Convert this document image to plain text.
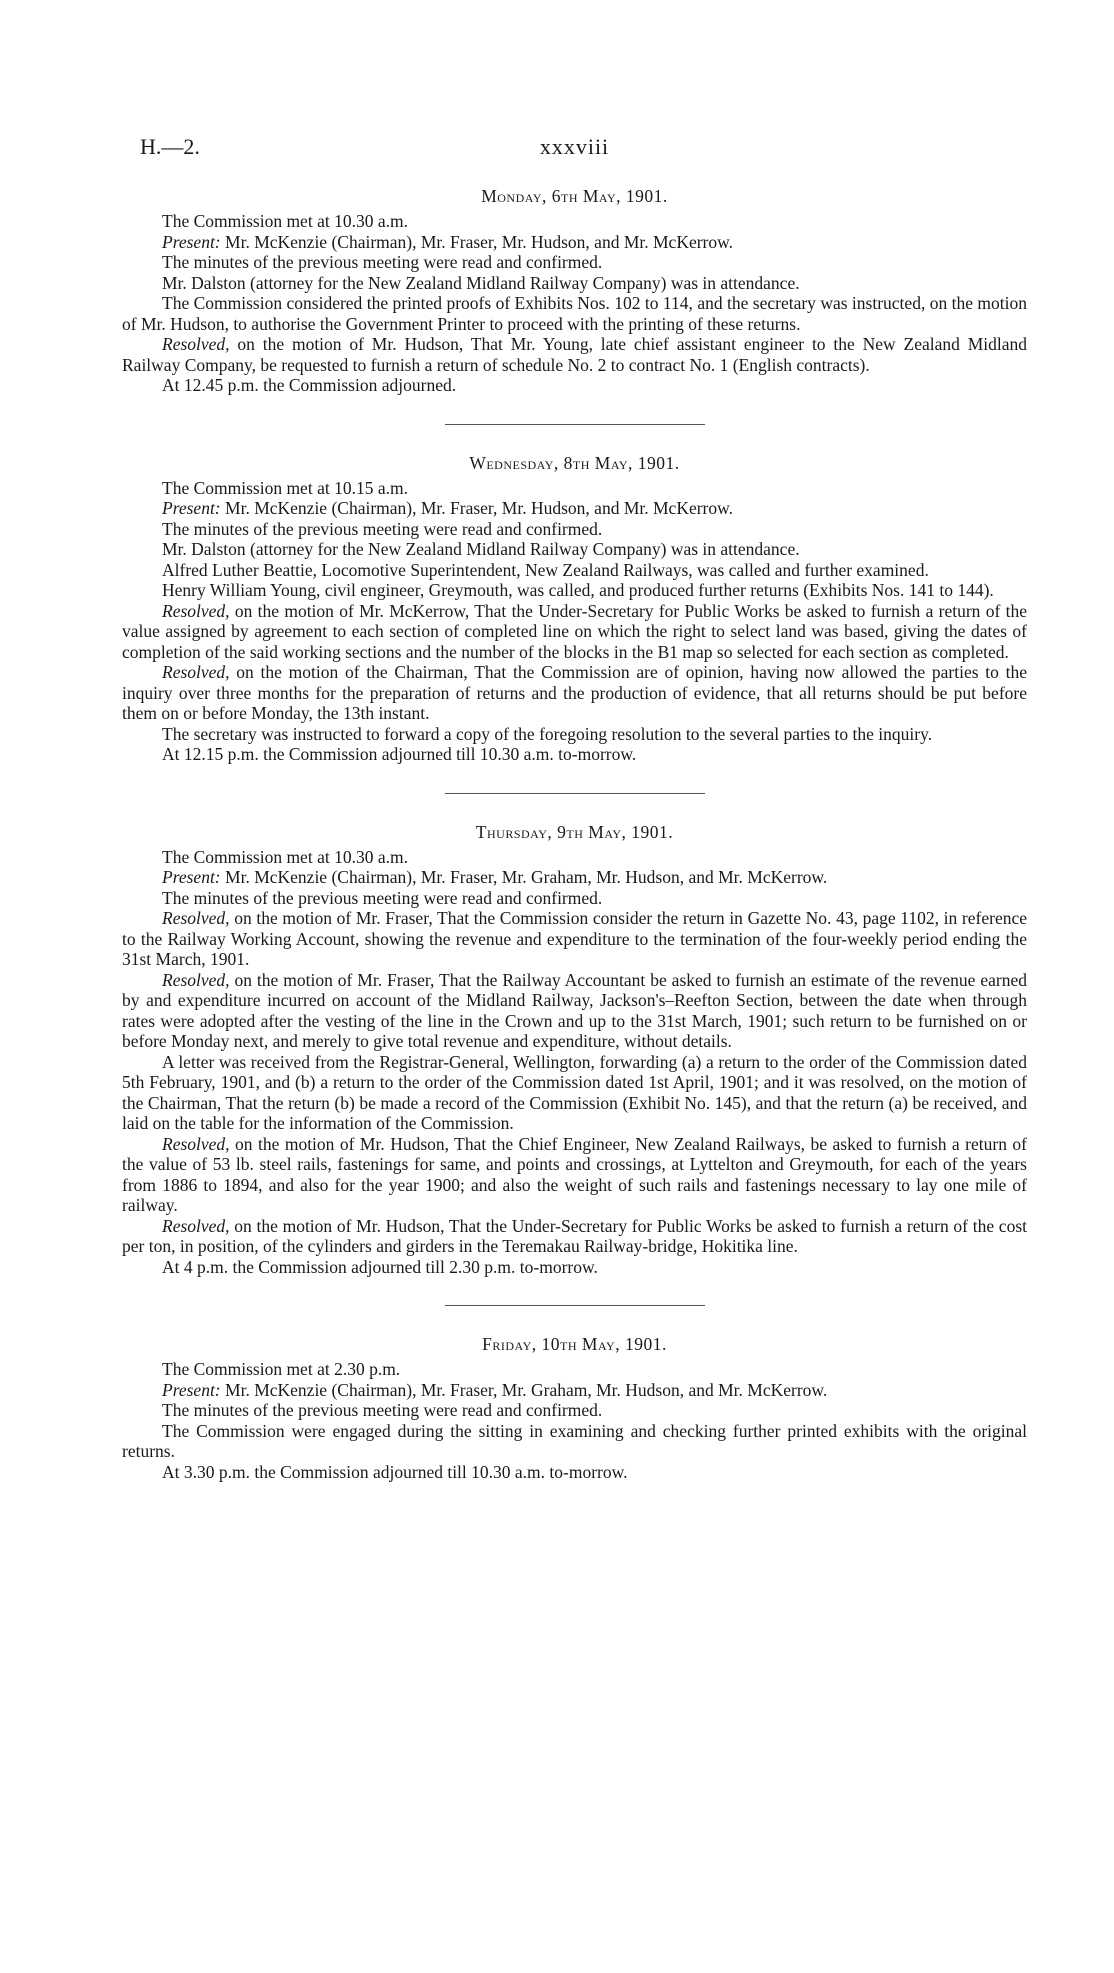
H.—2.	xxxviii
Monday, 6th May, 1901.

The Commission met at 10.30 a.m.

Present: Mr. McKenzie (Chairman), Mr. Fraser, Mr. Hudson, and Mr. McKerrow.

The minutes of the previous meeting were read and confirmed.

Mr. Dalston (attorney for the New Zealand Midland Railway Company) was in attendance.

The Commission considered the printed proofs of Exhibits Nos. 102 to 114, and the secretary was instructed, on the motion of Mr. Hudson, to authorise the Government Printer to proceed with the printing of these returns.

Resolved, on the motion of Mr. Hudson, That Mr. Young, late chief assistant engineer to the New Zealand Midland Railway Company, be requested to furnish a return of schedule No. 2 to contract No. 1 (English contracts).

At 12.45 p.m. the Commission adjourned.

Wednesday, 8th May, 1901.

The Commission met at 10.15 a.m.

Present: Mr. McKenzie (Chairman), Mr. Fraser, Mr. Hudson, and Mr. McKerrow.

The minutes of the previous meeting were read and confirmed.

Mr. Dalston (attorney for the New Zealand Midland Railway Company) was in attendance.

Alfred Luther Beattie, Locomotive Superintendent, New Zealand Railways, was called and further examined.

Henry William Young, civil engineer, Greymouth, was called, and produced further returns (Exhibits Nos. 141 to 144).

Resolved, on the motion of Mr. McKerrow, That the Under-Secretary for Public Works be asked to furnish a return of the value assigned by agreement to each section of completed line on which the right to select land was based, giving the dates of completion of the said working sections and the number of the blocks in the B1 map so selected for each section as completed.

Resolved, on the motion of the Chairman, That the Commission are of opinion, having now allowed the parties to the inquiry over three months for the preparation of returns and the production of evidence, that all returns should be put before them on or before Monday, the 13th instant.

The secretary was instructed to forward a copy of the foregoing resolution to the several parties to the inquiry.

At 12.15 p.m. the Commission adjourned till 10.30 a.m. to-morrow.

Thursday, 9th May, 1901.

The Commission met at 10.30 a.m.

Present: Mr. McKenzie (Chairman), Mr. Fraser, Mr. Graham, Mr. Hudson, and Mr. McKerrow.

The minutes of the previous meeting were read and confirmed.

Resolved, on the motion of Mr. Fraser, That the Commission consider the return in Gazette No. 43, page 1102, in reference to the Railway Working Account, showing the revenue and expenditure to the termination of the four-weekly period ending the 31st March, 1901.

Resolved, on the motion of Mr. Fraser, That the Railway Accountant be asked to furnish an estimate of the revenue earned by and expenditure incurred on account of the Midland Railway, Jackson's–Reefton Section, between the date when through rates were adopted after the vesting of the line in the Crown and up to the 31st March, 1901; such return to be furnished on or before Monday next, and merely to give total revenue and expenditure, without details.

A letter was received from the Registrar-General, Wellington, forwarding (a) a return to the order of the Commission dated 5th February, 1901, and (b) a return to the order of the Commission dated 1st April, 1901; and it was resolved, on the motion of the Chairman, That the return (b) be made a record of the Commission (Exhibit No. 145), and that the return (a) be received, and laid on the table for the information of the Commission.

Resolved, on the motion of Mr. Hudson, That the Chief Engineer, New Zealand Railways, be asked to furnish a return of the value of 53 lb. steel rails, fastenings for same, and points and crossings, at Lyttelton and Greymouth, for each of the years from 1886 to 1894, and also for the year 1900; and also the weight of such rails and fastenings necessary to lay one mile of railway.

Resolved, on the motion of Mr. Hudson, That the Under-Secretary for Public Works be asked to furnish a return of the cost per ton, in position, of the cylinders and girders in the Teremakau Railway-bridge, Hokitika line.

At 4 p.m. the Commission adjourned till 2.30 p.m. to-morrow.

Friday, 10th May, 1901.

The Commission met at 2.30 p.m.

Present: Mr. McKenzie (Chairman), Mr. Fraser, Mr. Graham, Mr. Hudson, and Mr. McKerrow.

The minutes of the previous meeting were read and confirmed.

The Commission were engaged during the sitting in examining and checking further printed exhibits with the original returns.

At 3.30 p.m. the Commission adjourned till 10.30 a.m. to-morrow.
